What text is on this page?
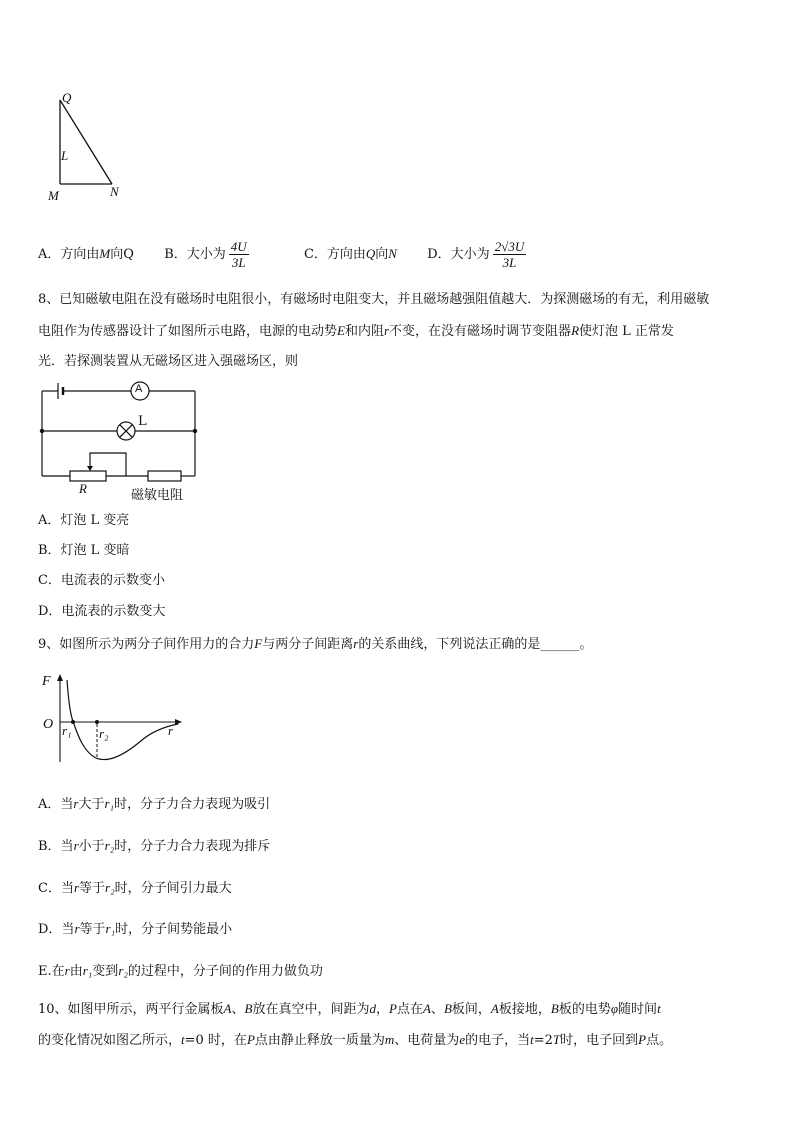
Q
L
M	N
A．方向由M向Q B．大小为 $\frac{4U}{3L}$	C．方向由Q向N D．大小为 $\frac{2√3U}{3L}$
8、已知磁敏电阻在没有磁场时电阻很小，有磁场时电阻变大，并且磁场越强阻值越大．为探测磁场的有无，利用磁敏
电阻作为传感器设计了如图所示电路，电源的电动势E和内阻r不变，在没有磁场时调节变阻器R使灯泡 L 正常发
光．若探测装置从无磁场区进入强磁场区，则
A
L
R	磁敏电阻
A．灯泡 L 变亮
B．灯泡 L 变暗
C．电流表的示数变小
D．电流表的示数变大
9、如图所示为两分子间作用力的合力F与两分子间距离r的关系曲线，下列说法正确的是______。
F
O r₁ r₂	r
A．当r大于r₁时，分子力合力表现为吸引
B．当r小于r₂时，分子力合力表现为排斥
C．当r等于r₂时，分子间引力最大
D．当r等于r₁时，分子间势能最小
E.在r由r₁变到r₂的过程中，分子间的作用力做负功
10、如图甲所示，两平行金属板A、B放在真空中，间距为d，P点在A、B板间，A板接地，B板的电势φ随时间t
的变化情况如图乙所示，t=0 时，在P点由静止释放一质量为m、电荷量为e的电子，当t=2T时，电子回到P点。
